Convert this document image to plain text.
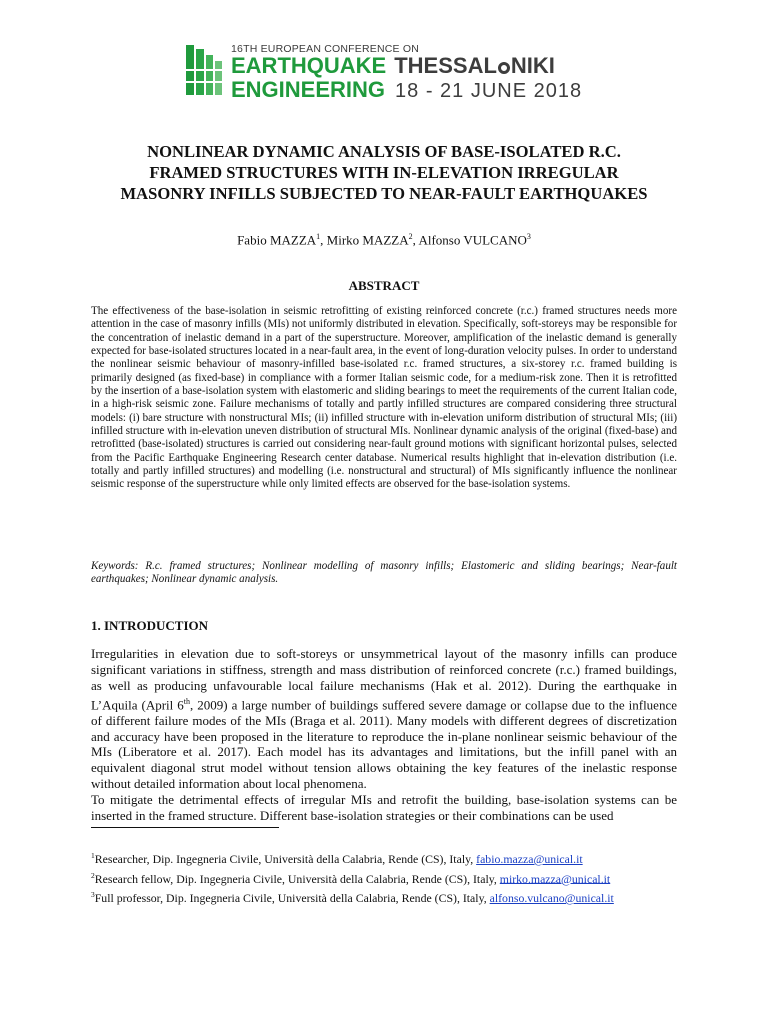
16TH EUROPEAN CONFERENCE ON
EARTHQUAKE THESSAL NIKI
ENGINEERING 18 - 21 JUNE 2018
NONLINEAR DYNAMIC ANALYSIS OF BASE-ISOLATED R.C.
FRAMED STRUCTURES WITH IN-ELEVATION IRREGULAR
MASONRY INFILLS SUBJECTED TO NEAR-FAULT EARTHQUAKES

Fabio MAZZA$^1$, Mirko MAZZA$^2$, Alfonso VULCANO$^3$

ABSTRACT

The effectiveness of the base-isolation in seismic retrofitting of existing reinforced concrete (r.c.) framed structures needs more attention in the case of masonry infills (MIs) not uniformly distributed in elevation. Specifically, soft-storeys may be responsible for the concentration of inelastic demand in a part of the superstructure. Moreover, amplification of the inelastic demand is generally expected for base-isolated structures located in a near-fault area, in the event of long-duration velocity pulses. In order to understand the nonlinear seismic behaviour of masonry-infilled base-isolated r.c. framed structures, a six-storey r.c. framed building is primarily designed (as fixed-base) in compliance with a former Italian seismic code, for a medium-risk zone. Then it is retrofitted by the insertion of a base-isolation system with elastomeric and sliding bearings to meet the requirements of the current Italian code, in a high-risk seismic zone. Failure mechanisms of totally and partly infilled structures are compared considering three structural models: (i) bare structure with nonstructural MIs; (ii) infilled structure with in-elevation uniform distribution of structural MIs; (iii) infilled structure with in-elevation uneven distribution of structural MIs. Nonlinear dynamic analysis of the original (fixed-base) and retrofitted (base-isolated) structures is carried out considering near-fault ground motions with significant horizontal pulses, selected from the Pacific Earthquake Engineering Research center database. Numerical results highlight that in-elevation distribution (i.e. totally and partly infilled structures) and modelling (i.e. nonstructural and structural) of MIs significantly influence the nonlinear seismic response of the superstructure while only limited effects are observed for the base-isolation systems.

Keywords: R.c. framed structures; Nonlinear modelling of masonry infills; Elastomeric and sliding bearings; Near-fault earthquakes; Nonlinear dynamic analysis.

1. INTRODUCTION

Irregularities in elevation due to soft-storeys or unsymmetrical layout of the masonry infills can produce significant variations in stiffness, strength and mass distribution of reinforced concrete (r.c.) framed buildings, as well as producing unfavourable local failure mechanisms (Hak et al. 2012). During the earthquake in L’Aquila (April 6th, 2009) a large number of buildings suffered severe damage or collapse due to the influence of different failure modes of the MIs (Braga et al. 2011). Many models with different degrees of discretization and accuracy have been proposed in the literature to reproduce the in-plane nonlinear seismic behaviour of the MIs (Liberatore et al. 2017). Each model has its advantages and limitations, but the infill panel with an equivalent diagonal strut model without tension allows obtaining the key features of the inelastic response without detailed information about local phenomena.

To mitigate the detrimental effects of irregular MIs and retrofit the building, base-isolation systems can be inserted in the framed structure. Different base-isolation strategies or their combinations can be used

$^1$Researcher, Dip. Ingegneria Civile, Università della Calabria, Rende (CS), Italy, fabio.mazza@unical.it
$^2$Research fellow, Dip. Ingegneria Civile, Università della Calabria, Rende (CS), Italy, mirko.mazza@unical.it
$^3$Full professor, Dip. Ingegneria Civile, Università della Calabria, Rende (CS), Italy, alfonso.vulcano@unical.it
